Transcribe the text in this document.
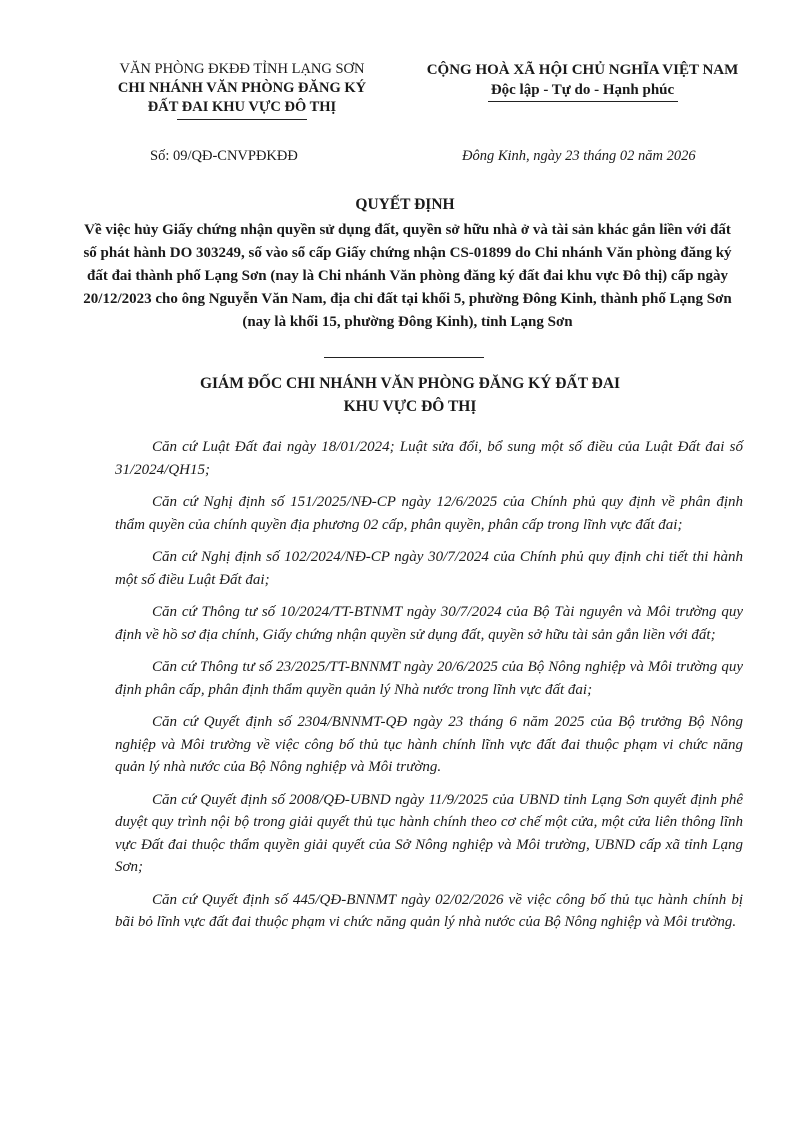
VĂN PHÒNG ĐKĐĐ TỈNH LẠNG SƠN
CHI NHÁNH VĂN PHÒNG ĐĂNG KÝ
ĐẤT ĐAI KHU VỰC ĐÔ THỊ
CỘNG HOÀ XÃ HỘI CHỦ NGHĨA VIỆT NAM
Độc lập - Tự do - Hạnh phúc
Số: 09/QĐ-CNVPĐKĐĐ	Đông Kinh, ngày 23 tháng 02 năm 2026
QUYẾT ĐỊNH
Về việc hủy Giấy chứng nhận quyền sử dụng đất, quyền sở hữu nhà ở và tài sản khác gắn liền với đất số phát hành DO 303249, số vào sổ cấp Giấy chứng nhận CS-01899 do Chi nhánh Văn phòng đăng ký đất đai thành phố Lạng Sơn (nay là Chi nhánh Văn phòng đăng ký đất đai khu vực Đô thị) cấp ngày 20/12/2023 cho ông Nguyễn Văn Nam, địa chỉ đất tại khối 5, phường Đông Kinh, thành phố Lạng Sơn (nay là khối 15, phường Đông Kinh), tỉnh Lạng Sơn
GIÁM ĐỐC CHI NHÁNH VĂN PHÒNG ĐĂNG KÝ ĐẤT ĐAI
KHU VỰC ĐÔ THỊ

Căn cứ Luật Đất đai ngày 18/01/2024; Luật sửa đổi, bổ sung một số điều của Luật Đất đai số 31/2024/QH15;

Căn cứ Nghị định số 151/2025/NĐ-CP ngày 12/6/2025 của Chính phủ quy định về phân định thẩm quyền của chính quyền địa phương 02 cấp, phân quyền, phân cấp trong lĩnh vực đất đai;

Căn cứ Nghị định số 102/2024/NĐ-CP ngày 30/7/2024 của Chính phủ quy định chi tiết thi hành một số điều Luật Đất đai;

Căn cứ Thông tư số 10/2024/TT-BTNMT ngày 30/7/2024 của Bộ Tài nguyên và Môi trường quy định về hồ sơ địa chính, Giấy chứng nhận quyền sử dụng đất, quyền sở hữu tài sản gắn liền với đất;

Căn cứ Thông tư số 23/2025/TT-BNNMT ngày 20/6/2025 của Bộ Nông nghiệp và Môi trường quy định phân cấp, phân định thẩm quyền quản lý Nhà nước trong lĩnh vực đất đai;

Căn cứ Quyết định số 2304/BNNMT-QĐ ngày 23 tháng 6 năm 2025 của Bộ trưởng Bộ Nông nghiệp và Môi trường về việc công bố thủ tục hành chính lĩnh vực đất đai thuộc phạm vi chức năng quản lý nhà nước của Bộ Nông nghiệp và Môi trường.

Căn cứ Quyết định số 2008/QĐ-UBND ngày 11/9/2025 của UBND tỉnh Lạng Sơn quyết định phê duyệt quy trình nội bộ trong giải quyết thủ tục hành chính theo cơ chế một cửa, một cửa liên thông lĩnh vực Đất đai thuộc thẩm quyền giải quyết của Sở Nông nghiệp và Môi trường, UBND cấp xã tỉnh Lạng Sơn;

Căn cứ Quyết định số 445/QĐ-BNNMT ngày 02/02/2026 về việc công bố thủ tục hành chính bị bãi bỏ lĩnh vực đất đai thuộc phạm vi chức năng quản lý nhà nước của Bộ Nông nghiệp và Môi trường.
